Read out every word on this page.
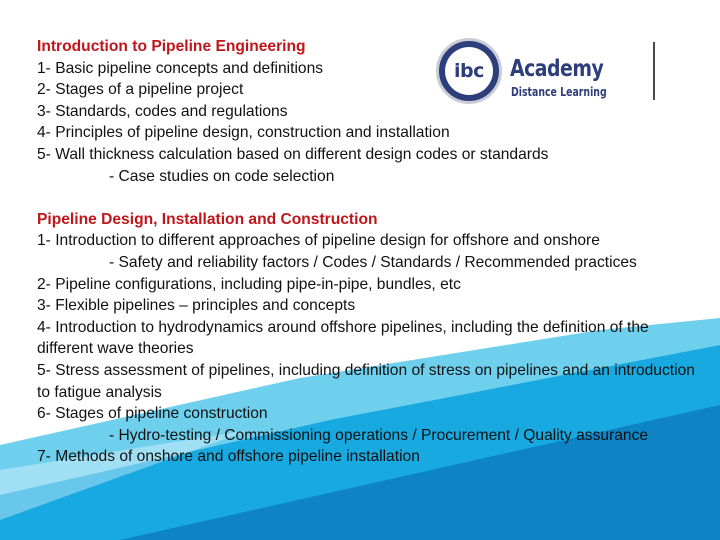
ibc Academy
Distance Learning
Introduction to Pipeline Engineering
1- Basic pipeline concepts and definitions
2- Stages of a pipeline project
3- Standards, codes and regulations
4- Principles of pipeline design, construction and installation
5- Wall thickness calculation based on different design codes or standards
- Case studies on code selection
Pipeline Design, Installation and Construction
1- Introduction to different approaches of pipeline design for offshore and onshore
- Safety and reliability factors / Codes / Standards / Recommended practices
2- Pipeline configurations, including pipe-in-pipe, bundles, etc
3- Flexible pipelines – principles and concepts
4- Introduction to hydrodynamics around offshore pipelines, including the definition of the different wave theories
5- Stress assessment of pipelines, including definition of stress on pipelines and an introduction to fatigue analysis
6- Stages of pipeline construction
- Hydro-testing / Commissioning operations / Procurement / Quality assurance
7- Methods of onshore and offshore pipeline installation
